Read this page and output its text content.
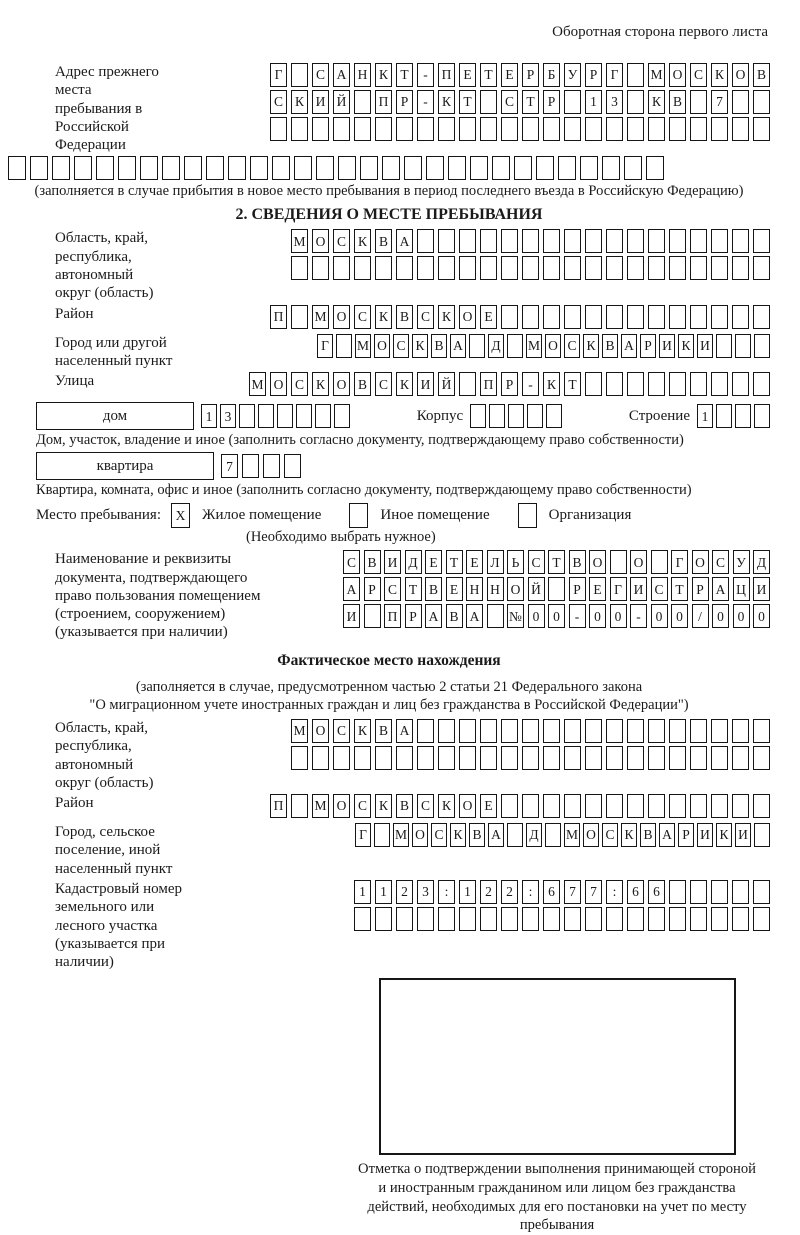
Оборотная сторона первого листа
Адрес прежнего места пребывания в Российской Федерации
Г	С А Н К Т	-	П Е Т Е Р Б У Р Г	М О С К О В
С К И Й П Р	-	К Т	С Т Р	1	3	К В	7
(заполняется в случае прибытия в новое место пребывания в период последнего въезда в Российскую Федерацию)
2. СВЕДЕНИЯ О МЕСТЕ ПРЕБЫВАНИЯ
Область, край, республика, автономный округ (область)
М О С К В А
Район	П М О С К В С К О Е
Город или другой населенный пункт
Г	М О С К В А Д М О С К В А Р И К И
Улица	М О С К О В С К И Й П Р	-	К Т
дом	1 3	Корпус	Строение 1
Дом, участок, владение и иное (заполнить согласно документу, подтверждающему право собственности)
квартира	7
Квартира, комната, офис и иное (заполнить согласно документу, подтверждающему право собственности)
Место пребывания:	X	Жилое помещение	Иное помещение	Организация
(Необходимо выбрать нужное)
Наименование и реквизиты документа, подтверждающего право пользования помещением (строением, сооружением) (указывается при наличии)
С В И Д Е Т Е Л Ь С Т В О О	Г О С У Д
А Р С Т В Е Н Н О Й	Р Е Г И С Т Р А Ц И
И П Р А В А № 0	0	-	0	0	-	0	0	/	0	0	0
Фактическое место нахождения
(заполняется в случае, предусмотренном частью 2 статьи 21 Федерального закона
"О миграционном учете иностранных граждан и лиц без гражданства в Российской Федерации")
Область, край, республика, автономный округ (область)
М О С К В А
Район	П М О С К В С К О Е
Город, сельское поселение, иной населенный пункт
Г	М О С К В А Д М О С К В А Р И К И
Кадастровый номер земельного или лесного участка (указывается при наличии)
1	1	2	3	:	1	2	2	:	6	7	7	:	6	6
Отметка о подтверждении выполнения принимающей стороной и иностранным гражданином или лицом без гражданства действий, необходимых для его постановки на учет по месту пребывания
